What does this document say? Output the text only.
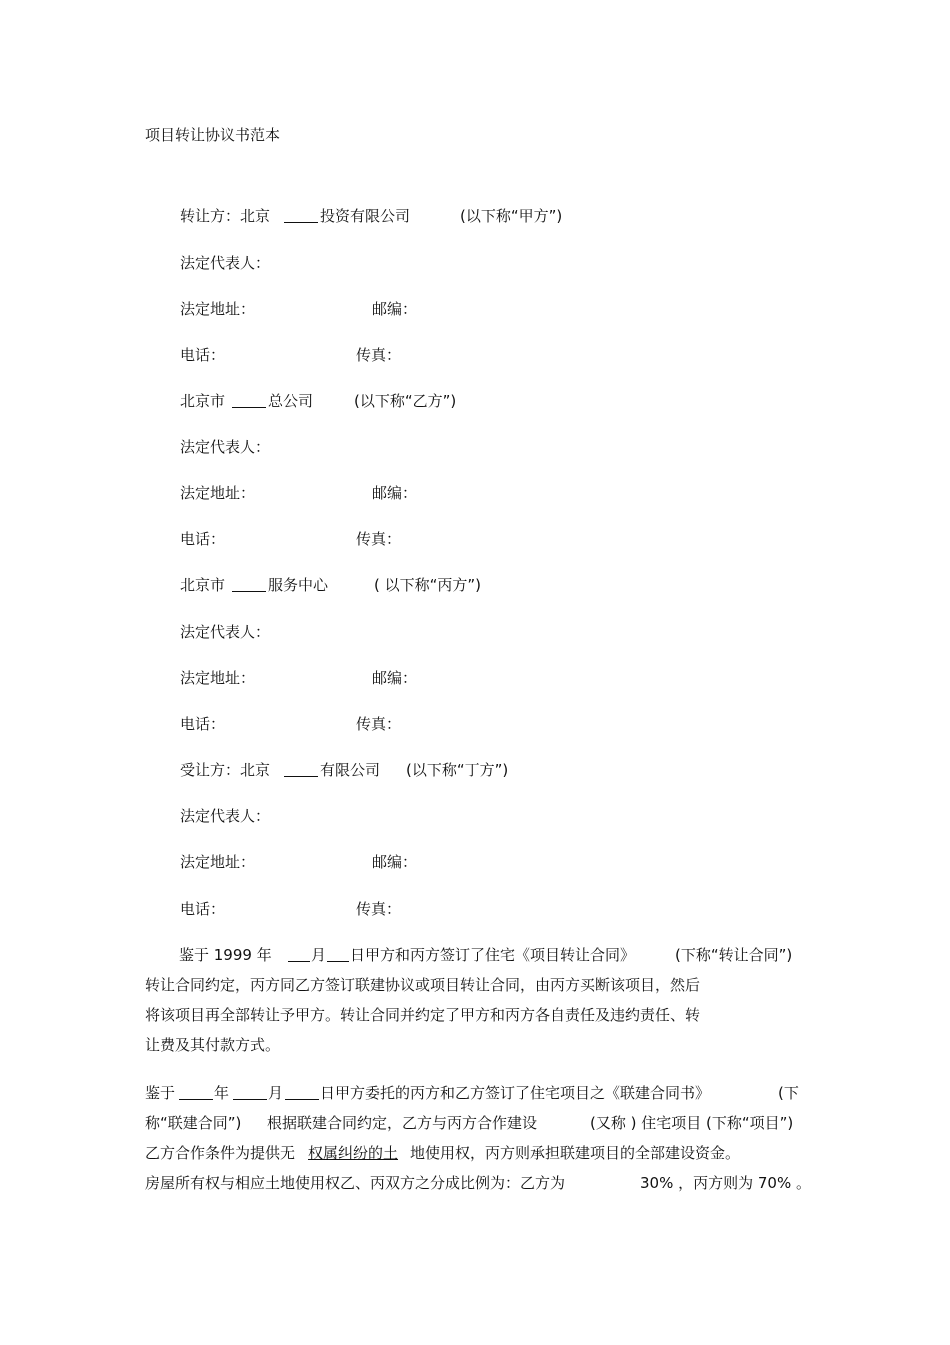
项目转让协议书范本
转让方：北京	投资有限公司	(以下称“甲方”)
法定代表人：
法定地址：	邮编：
电话：	传真：
北京市	总公司	(以下称“乙方”)
法定代表人：
法定地址：	邮编：
电话：	传真：
北京市	服务中心	( 以下称“丙方”)
法定代表人：
法定地址：	邮编：
电话：	传真：
受让方：北京	有限公司 (以下称“丁方”)
法定代表人：
法定地址：	邮编：
电话：	传真：
鉴于 1999 年	月 日甲方和丙方签订了住宅《项目转让合同》	(下称“转让合同”)
转让合同约定，丙方同乙方签订联建协议或项目转让合同，由丙方买断该项目，然后
将该项目再全部转让予甲方。转让合同并约定了甲方和丙方各自责任及违约责任、转
让费及其付款方式。
鉴于	年	月 日甲方委托的丙方和乙方签订了住宅项目之《联建合同书》	(下
称“联建合同”) 根据联建合同约定，乙方与丙方合作建设	(又称 ) 住宅项目 (下称“项目”)
乙方合作条件为提供无 权属纠纷的土 地使用权，丙方则承担联建项目的全部建设资金。
房屋所有权与相应土地使用权乙、丙双方之分成比例为：乙方为	30% ，丙方则为 70% 。
